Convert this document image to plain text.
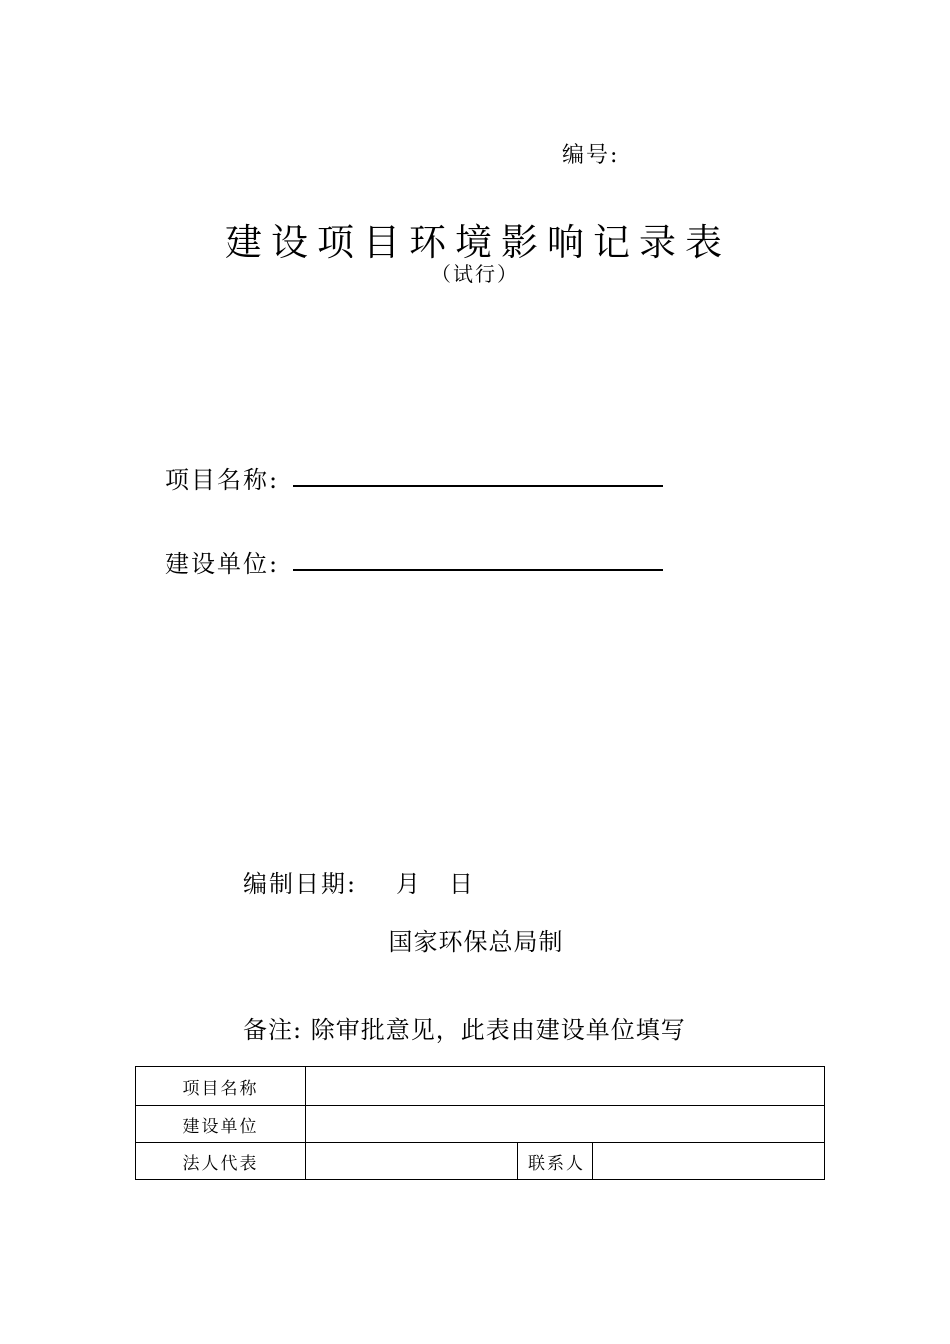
编号:
建设项目环境影响记录表
（试行）
项目名称:
建设单位:
编制日期: 月 日
国家环保总局制
备注: 除审批意见，此表由建设单位填写
项目名称			
建设单位			
法人代表		联系人	
